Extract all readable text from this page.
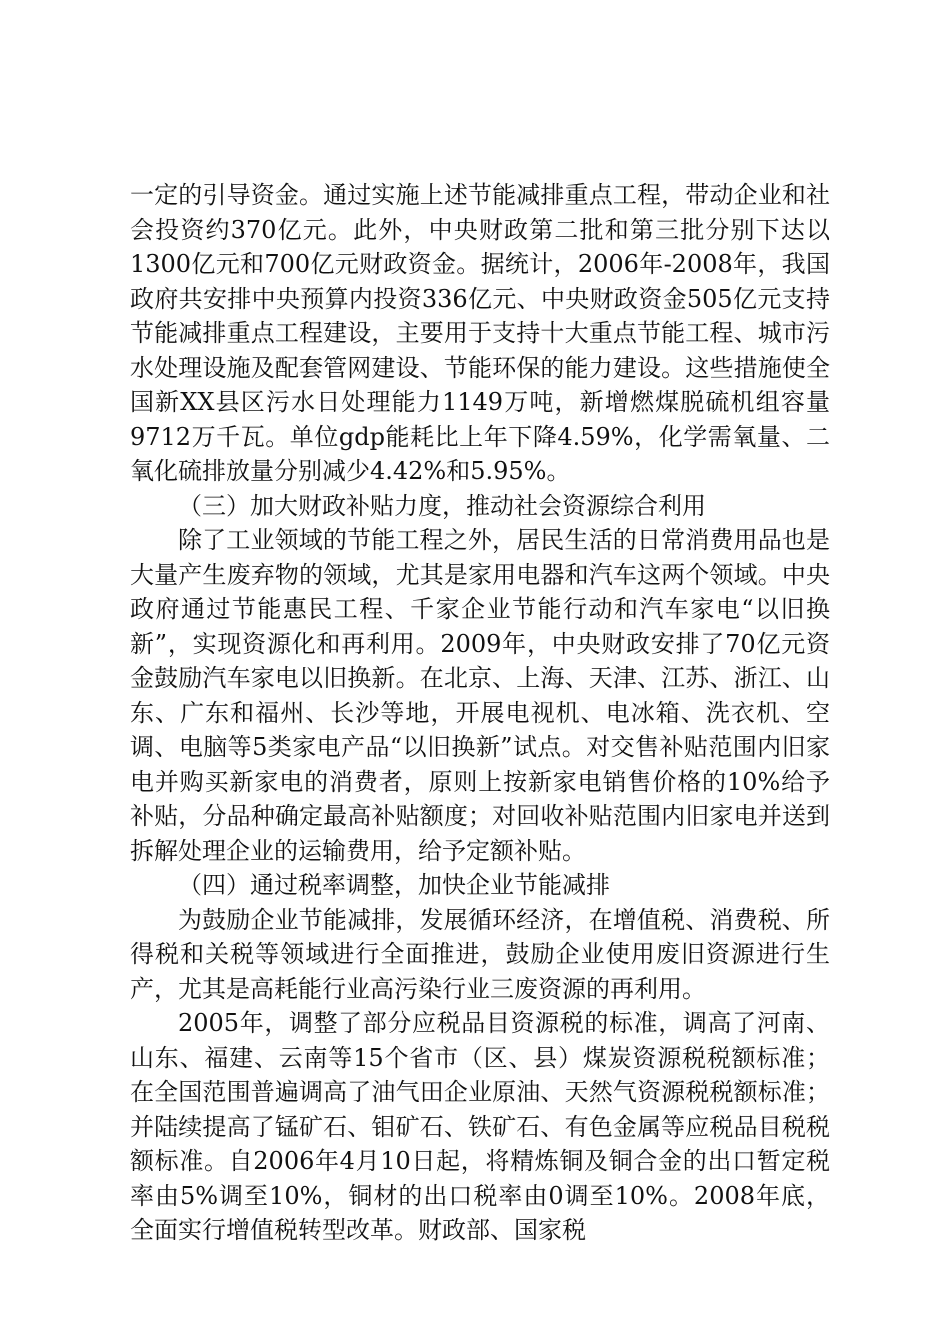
一定的引导资金。通过实施上述节能减排重点工程，带动企业和社会投资约370亿元。此外，中央财政第二批和第三批分别下达以1300亿元和700亿元财政资金。据统计，2006年-2008年，我国政府共安排中央预算内投资336亿元、中央财政资金505亿元支持节能减排重点工程建设，主要用于支持十大重点节能工程、城市污水处理设施及配套管网建设、节能环保的能力建设。这些措施使全国新XX县区污水日处理能力1149万吨，新增燃煤脱硫机组容量9712万千瓦。单位gdp能耗比上年下降4.59%，化学需氧量、二氧化硫排放量分别减少4.42%和5.95%。

（三）加大财政补贴力度，推动社会资源综合利用

除了工业领域的节能工程之外，居民生活的日常消费用品也是大量产生废弃物的领域，尤其是家用电器和汽车这两个领域。中央政府通过节能惠民工程、千家企业节能行动和汽车家电“以旧换新”，实现资源化和再利用。2009年，中央财政安排了70亿元资金鼓励汽车家电以旧换新。在北京、上海、天津、江苏、浙江、山东、广东和福州、长沙等地，开展电视机、电冰箱、洗衣机、空调、电脑等5类家电产品“以旧换新”试点。对交售补贴范围内旧家电并购买新家电的消费者，原则上按新家电销售价格的10%给予补贴，分品种确定最高补贴额度；对回收补贴范围内旧家电并送到拆解处理企业的运输费用，给予定额补贴。

（四）通过税率调整，加快企业节能减排

为鼓励企业节能减排，发展循环经济，在增值税、消费税、所得税和关税等领域进行全面推进，鼓励企业使用废旧资源进行生产，尤其是高耗能行业高污染行业三废资源的再利用。

2005年，调整了部分应税品目资源税的标准，调高了河南、山东、福建、云南等15个省市（区、县）煤炭资源税税额标准；在全国范围普遍调高了油气田企业原油、天然气资源税税额标准；并陆续提高了锰矿石、钼矿石、铁矿石、有色金属等应税品目税税额标准。自2006年4月10日起，将精炼铜及铜合金的出口暂定税率由5%调至10%，铜材的出口税率由0调至10%。2008年底，全面实行增值税转型改革。财政部、国家税
